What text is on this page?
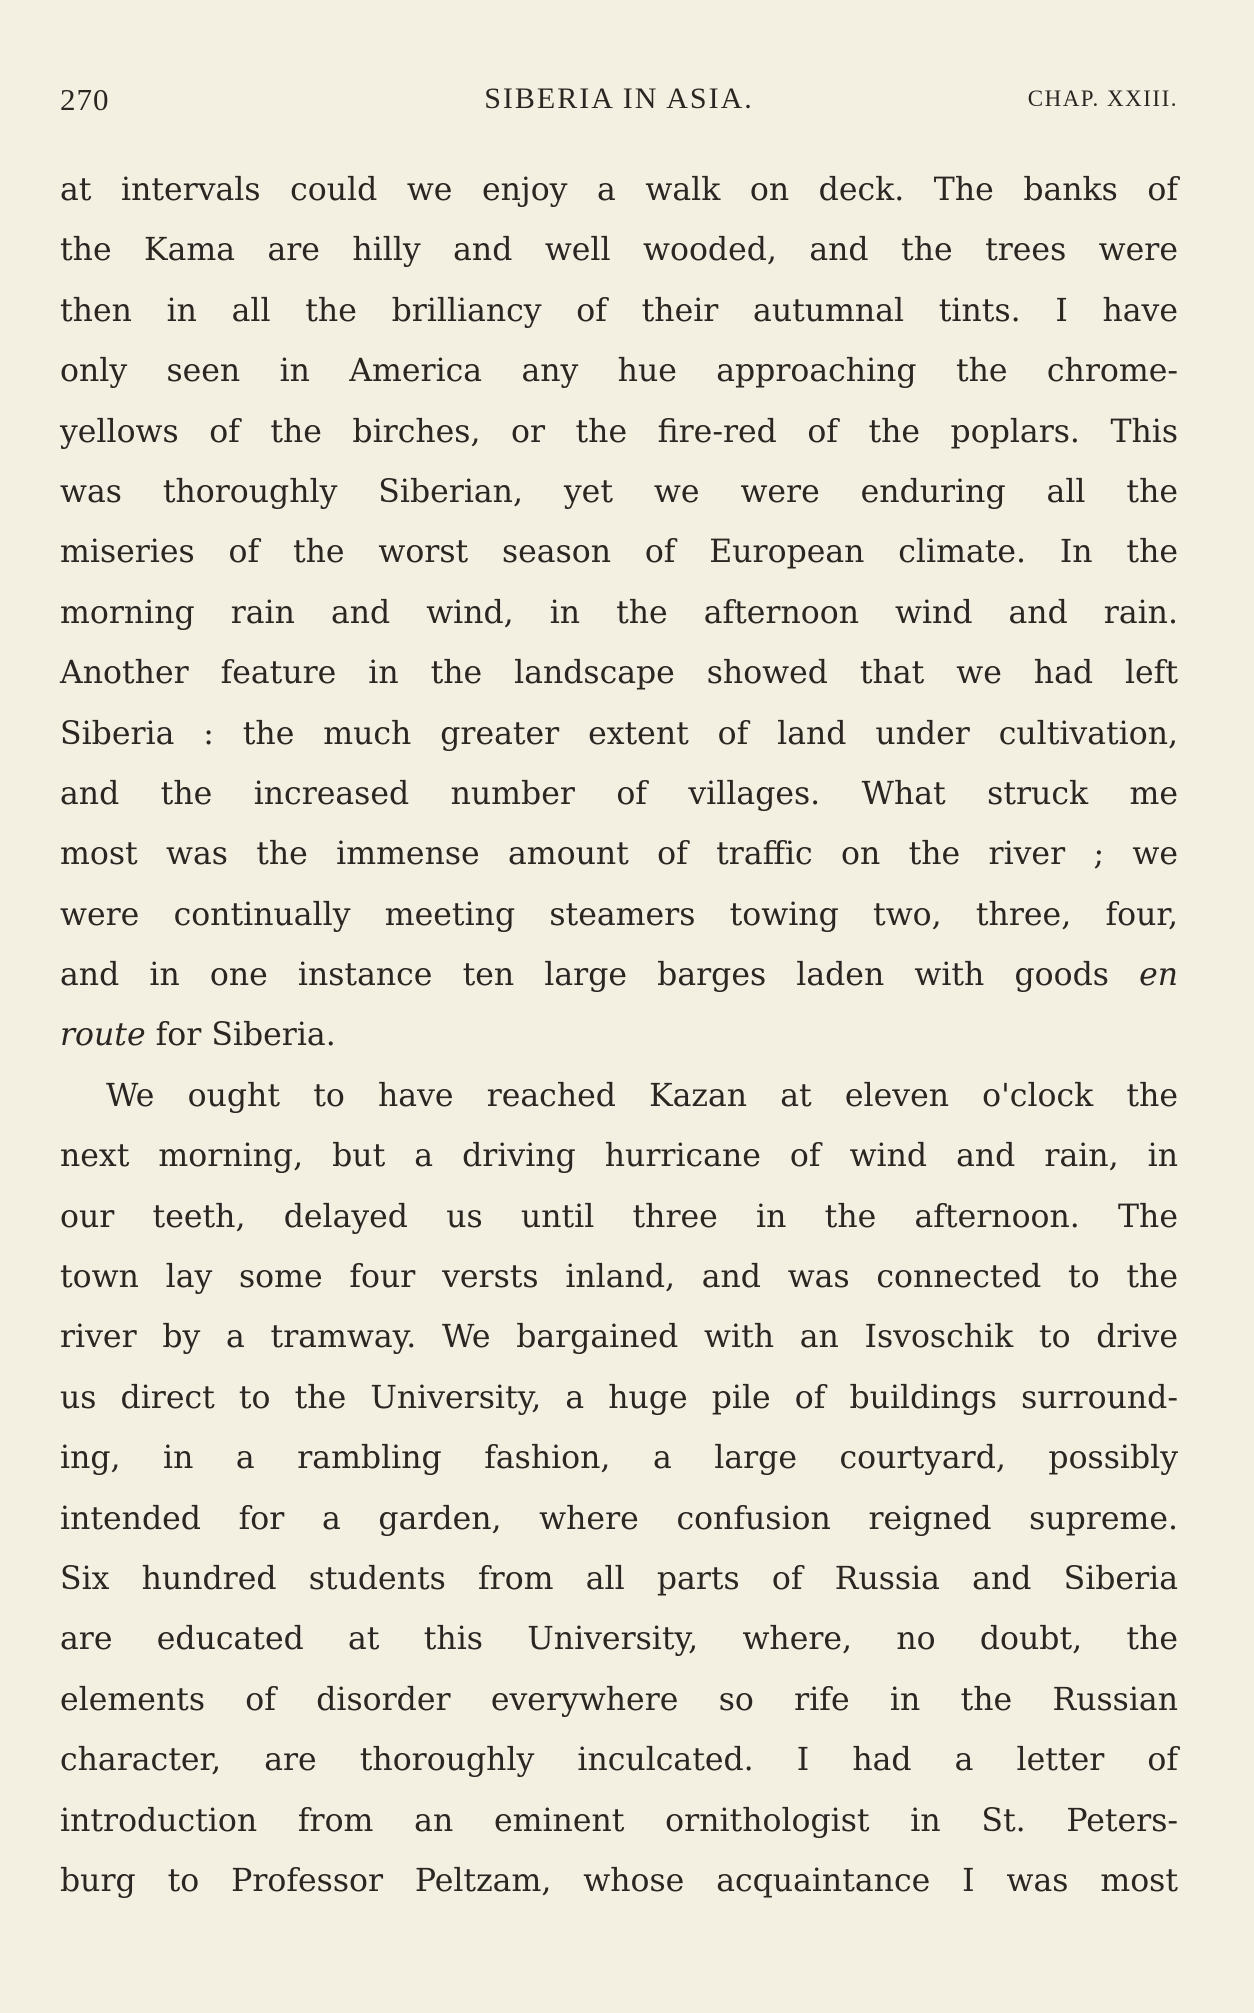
270	SIBERIA IN ASIA.	CHAP. XXIII.
at intervals could we enjoy a walk on deck. The banks of
the Kama are hilly and well wooded, and the trees were
then in all the brilliancy of their autumnal tints. I have
only seen in America any hue approaching the chrome-
yellows of the birches, or the fire-red of the poplars. This
was thoroughly Siberian, yet we were enduring all the
miseries of the worst season of European climate. In the
morning rain and wind, in the afternoon wind and rain.
Another feature in the landscape showed that we had left
Siberia : the much greater extent of land under cultivation,
and the increased number of villages. What struck me
most was the immense amount of traffic on the river ; we
were continually meeting steamers towing two, three, four,
and in one instance ten large barges laden with goods en
route for Siberia.
We ought to have reached Kazan at eleven o'clock the
next morning, but a driving hurricane of wind and rain, in
our teeth, delayed us until three in the afternoon. The
town lay some four versts inland, and was connected to the
river by a tramway. We bargained with an Isvoschik to drive
us direct to the University, a huge pile of buildings surround-
ing, in a rambling fashion, a large courtyard, possibly
intended for a garden, where confusion reigned supreme.
Six hundred students from all parts of Russia and Siberia
are educated at this University, where, no doubt, the
elements of disorder everywhere so rife in the Russian
character, are thoroughly inculcated. I had a letter of
introduction from an eminent ornithologist in St. Peters-
burg to Professor Peltzam, whose acquaintance I was most
